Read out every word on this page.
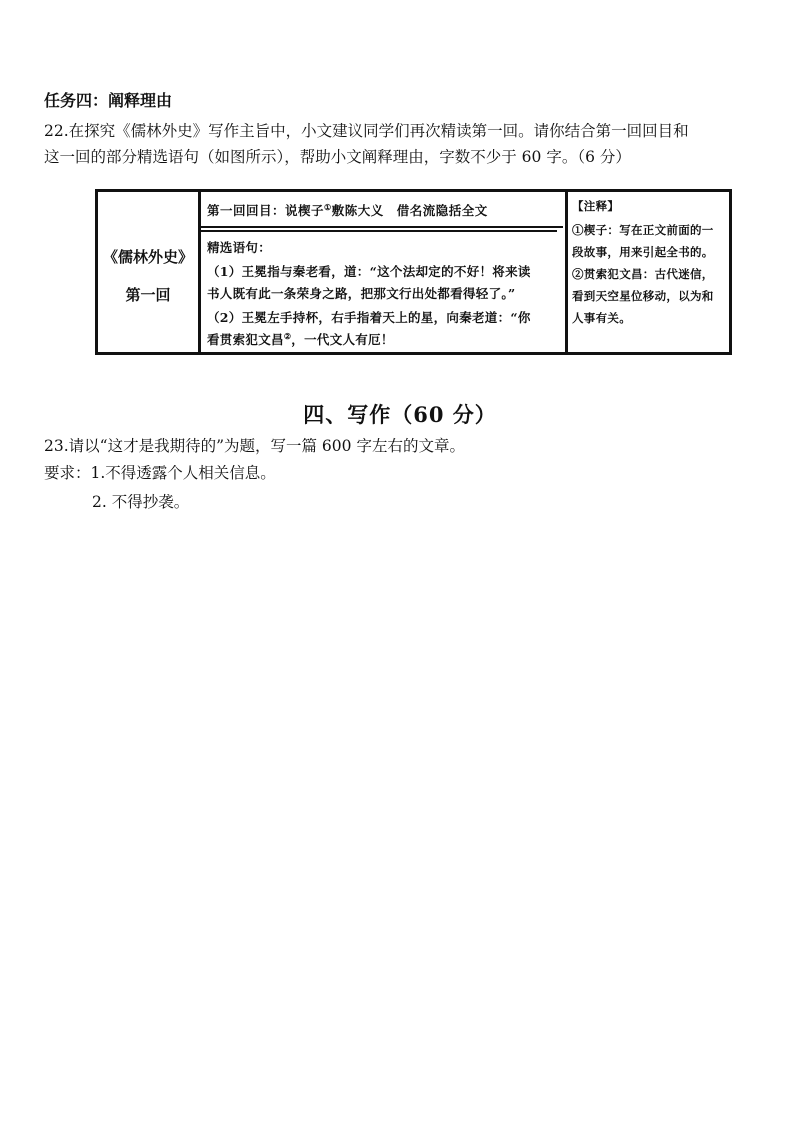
任务四：阐释理由
22.在探究《儒林外史》写作主旨中，小文建议同学们再次精读第一回。请你结合第一回回目和
这一回的部分精选语句（如图所示），帮助小文阐释理由，字数不少于 60 字。（6 分）
《儒林外史》
第一回
第一回回目：说楔子①敷陈大义　借名流隐括全文
精选语句：
（1）王冕指与秦老看，道：“这个法却定的不好！将来读
书人既有此一条荣身之路，把那文行出处都看得轻了。”
（2）王冕左手持杯，右手指着天上的星，向秦老道：“你
看贯索犯文昌②，一代文人有厄！
【注释】
①楔子：写在正文前面的一
段故事，用来引起全书的。
②贯索犯文昌：古代迷信，
看到天空星位移动，以为和
人事有关。
四、写作（60 分）
23.请以“这才是我期待的”为题，写一篇 600 字左右的文章。
要求：1.不得透露个人相关信息。
2. 不得抄袭。
